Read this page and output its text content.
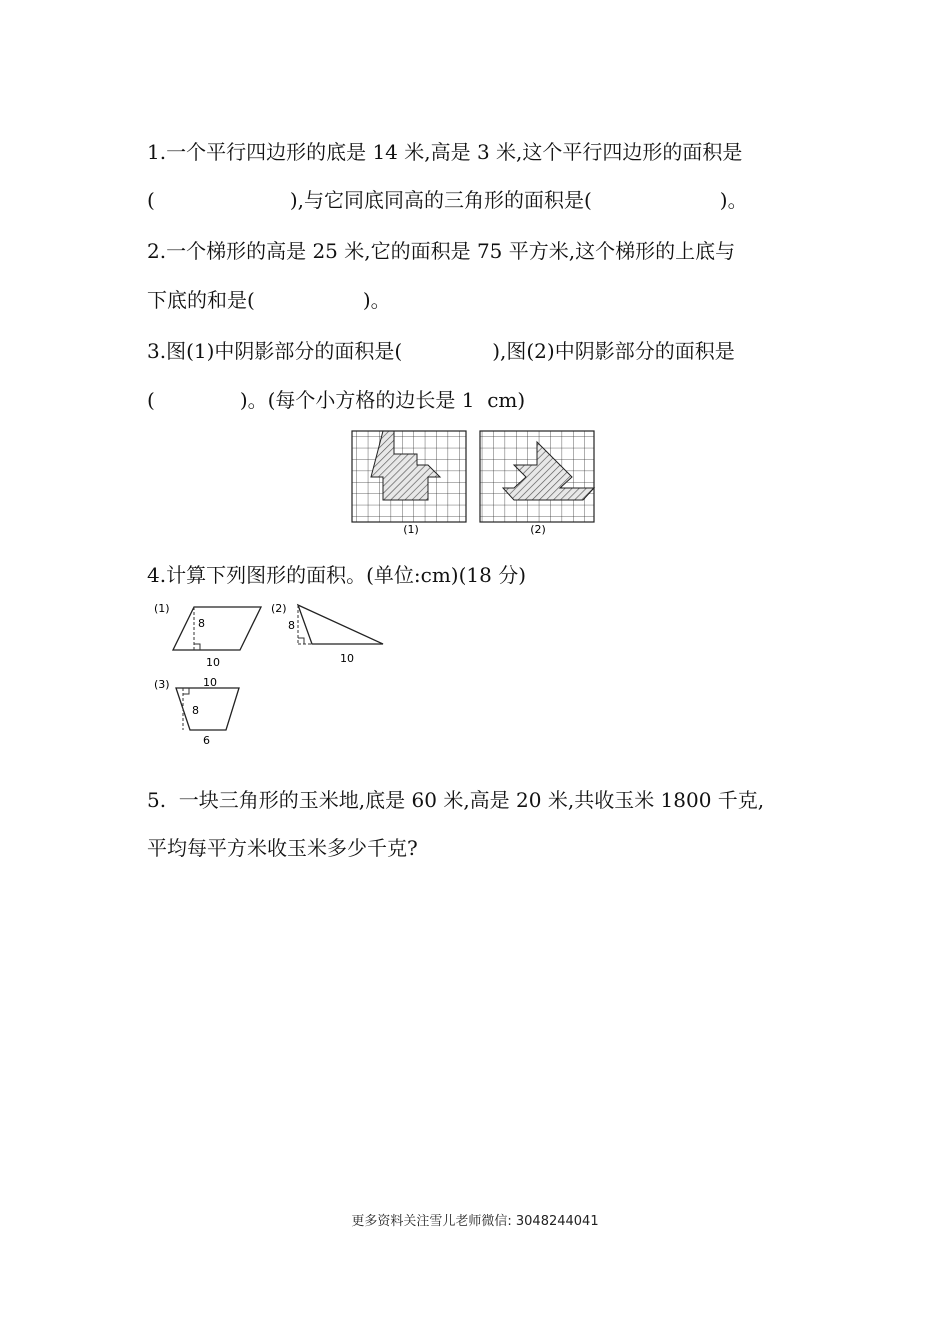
1.一个平行四边形的底是 14 米,高是 3 米,这个平行四边形的面积是
(	),与它同底同高的三角形的面积是(	)。
2.一个梯形的高是 25 米,它的面积是 75 平方米,这个梯形的上底与
下底的和是(	)。
3.图(1)中阴影部分的面积是(	),图(2)中阴影部分的面积是
(	)。(每个小方格的边长是 1  cm)
(1)	(2)
4.计算下列图形的面积。(单位:cm)(18 分)
(1)
8
10
(2)
8
10
(3)	10
8
6
5.  一块三角形的玉米地,底是 60 米,高是 20 米,共收玉米 1800 千克,
平均每平方米收玉米多少千克?
更多资料关注雪儿老师微信: 3048244041
